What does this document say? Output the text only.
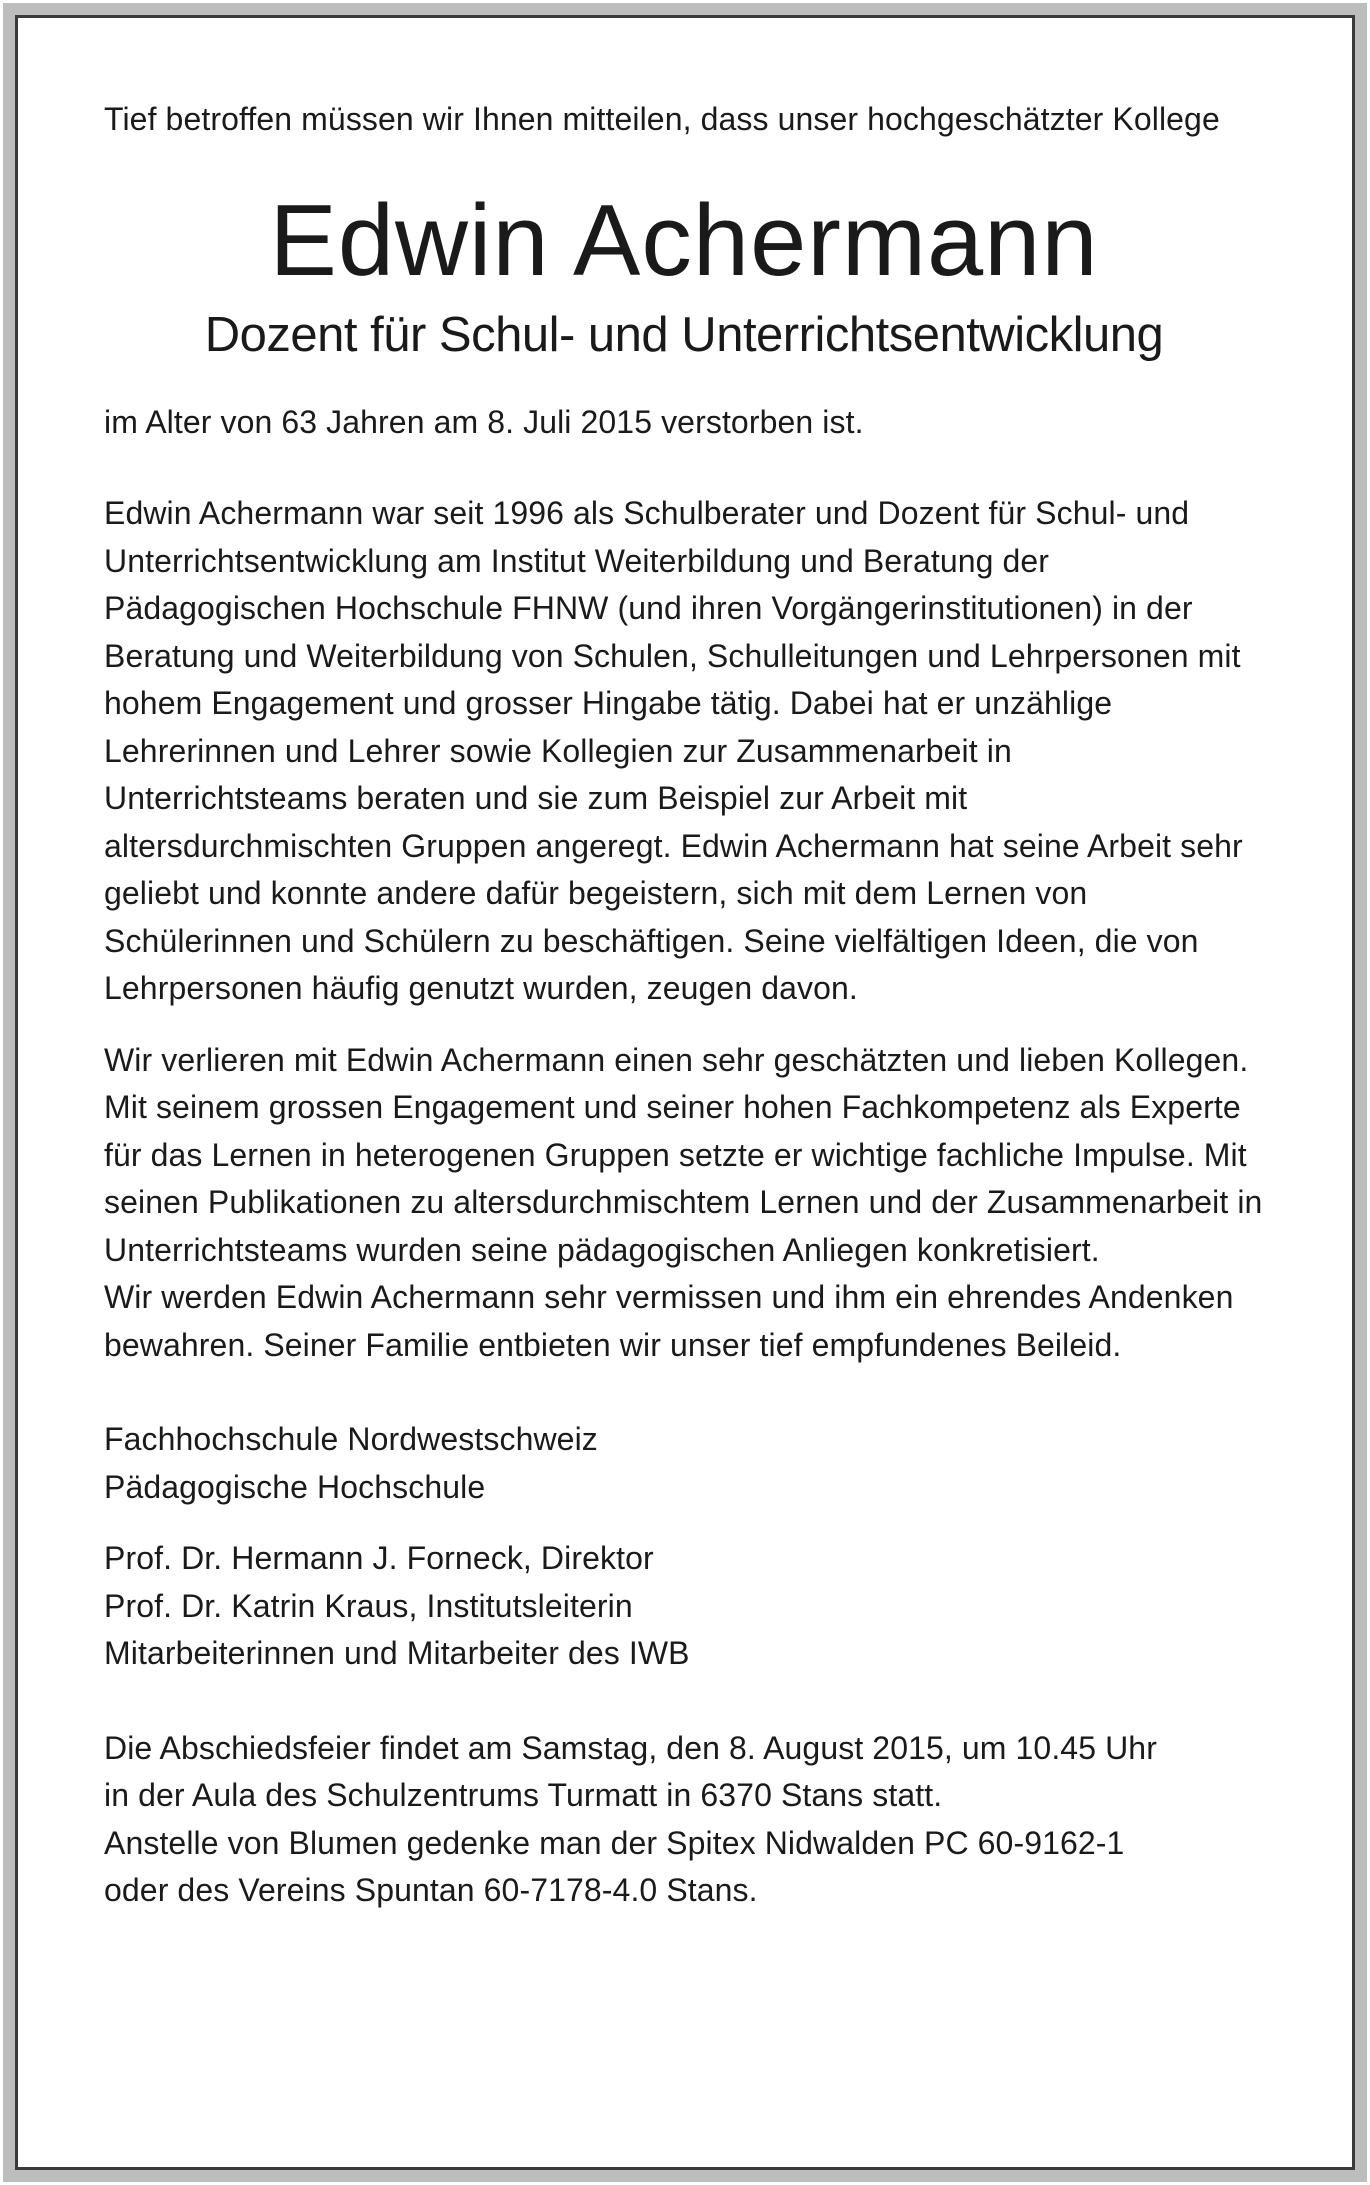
Tief betroffen müssen wir Ihnen mitteilen, dass unser hochgeschätzter Kollege

Edwin Achermann
Dozent für Schul- und Unterrichtsentwicklung

im Alter von 63 Jahren am 8. Juli 2015 verstorben ist.

Edwin Achermann war seit 1996 als Schulberater und Dozent für Schul- und Unterrichtsentwicklung am Institut Weiterbildung und Beratung der Pädagogischen Hochschule FHNW (und ihren Vorgängerinstitutionen) in der Beratung und Weiterbildung von Schulen, Schulleitungen und Lehrpersonen mit hohem Engagement und grosser Hingabe tätig. Dabei hat er unzählige Lehrerinnen und Lehrer sowie Kollegien zur Zusammenarbeit in Unterrichtsteams beraten und sie zum Beispiel zur Arbeit mit altersdurchmischten Gruppen angeregt. Edwin Achermann hat seine Arbeit sehr geliebt und konnte andere dafür begeistern, sich mit dem Lernen von Schülerinnen und Schülern zu beschäftigen. Seine vielfältigen Ideen, die von Lehrpersonen häufig genutzt wurden, zeugen davon.

Wir verlieren mit Edwin Achermann einen sehr geschätzten und lieben Kollegen. Mit seinem grossen Engagement und seiner hohen Fachkompetenz als Experte für das Lernen in heterogenen Gruppen setzte er wichtige fachliche Impulse. Mit seinen Publikationen zu altersdurchmischtem Lernen und der Zusammenarbeit in Unterrichtsteams wurden seine pädagogischen Anliegen konkretisiert.

Wir werden Edwin Achermann sehr vermissen und ihm ein ehrendes Andenken bewahren. Seiner Familie entbieten wir unser tief empfundenes Beileid.

Fachhochschule Nordwestschweiz

Pädagogische Hochschule

Prof. Dr. Hermann J. Forneck, Direktor

Prof. Dr. Katrin Kraus, Institutsleiterin

Mitarbeiterinnen und Mitarbeiter des IWB

Die Abschiedsfeier findet am Samstag, den 8. August 2015, um 10.45 Uhr

in der Aula des Schulzentrums Turmatt in 6370 Stans statt.

Anstelle von Blumen gedenke man der Spitex Nidwalden PC 60-9162-1

oder des Vereins Spuntan 60-7178-4.0 Stans.
